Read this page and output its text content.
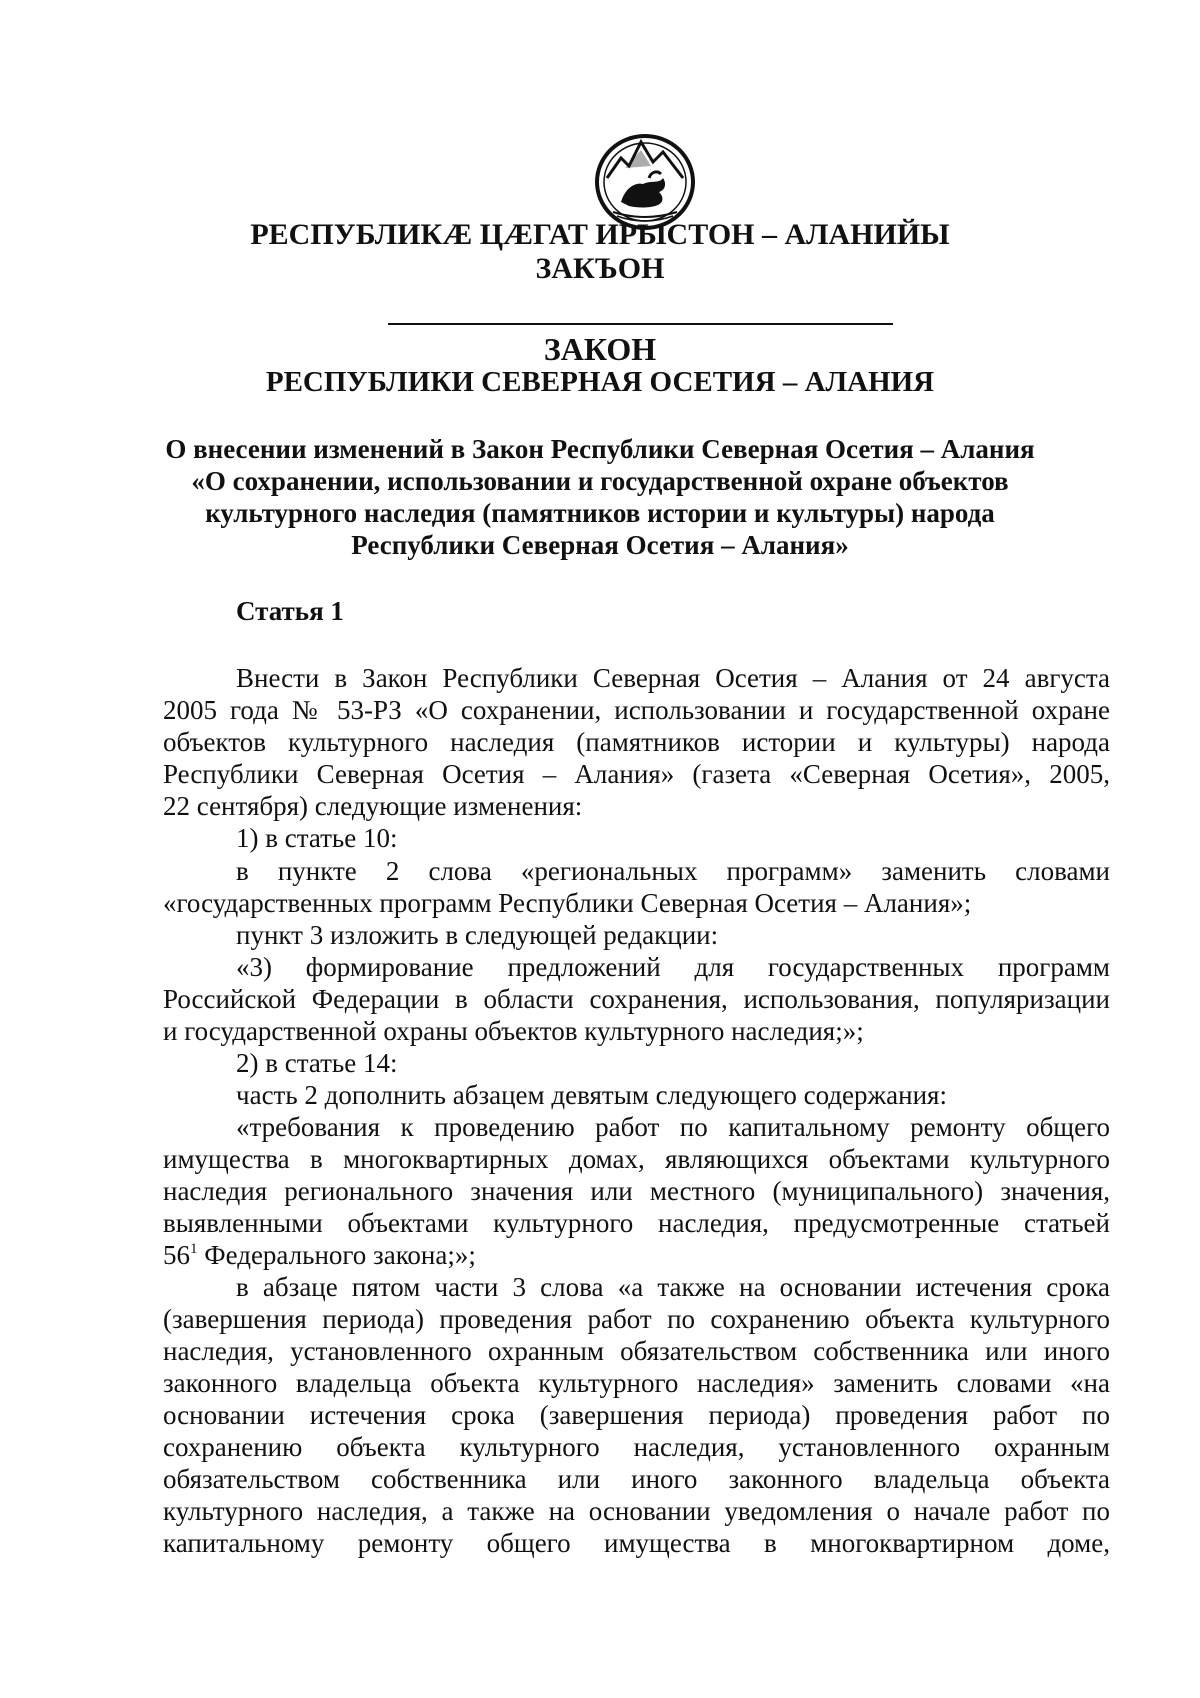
РЕСПУБЛИКӔ ЦӔГАТ ИРЫСТОН – АЛАНИЙЫ
ЗАКЪОН
ЗАКОН
РЕСПУБЛИКИ СЕВЕРНАЯ ОСЕТИЯ – АЛАНИЯ
О внесении изменений в Закон Республики Северная Осетия – Алания
«О сохранении, использовании и государственной охране объектов
культурного наследия (памятников истории и культуры) народа
Республики Северная Осетия – Алания»
Статья 1
Внести в Закон Республики Северная Осетия – Алания от 24 августа
2005 года № 53-РЗ «О сохранении, использовании и государственной охране
объектов культурного наследия (памятников истории и культуры) народа
Республики Северная Осетия – Алания» (газета «Северная Осетия», 2005,
22 сентября) следующие изменения:
1) в статье 10:
в пункте 2 слова «региональных программ» заменить словами
«государственных программ Республики Северная Осетия – Алания»;
пункт 3 изложить в следующей редакции:
«3) формирование предложений для государственных программ
Российской Федерации в области сохранения, использования, популяризации
и государственной охраны объектов культурного наследия;»;
2) в статье 14:
часть 2 дополнить абзацем девятым следующего содержания:
«требования к проведению работ по капитальному ремонту общего
имущества в многоквартирных домах, являющихся объектами культурного
наследия регионального значения или местного (муниципального) значения,
выявленными объектами культурного наследия, предусмотренные статьей
$56^1$ Федерального закона;»;
в абзаце пятом части 3 слова «а также на основании истечения срока
(завершения периода) проведения работ по сохранению объекта культурного
наследия, установленного охранным обязательством собственника или иного
законного владельца объекта культурного наследия» заменить словами «на
основании истечения срока (завершения периода) проведения работ по
сохранению объекта культурного наследия, установленного охранным
обязательством собственника или иного законного владельца объекта
культурного наследия, а также на основании уведомления о начале работ по
капитальному ремонту общего имущества в многоквартирном доме,
